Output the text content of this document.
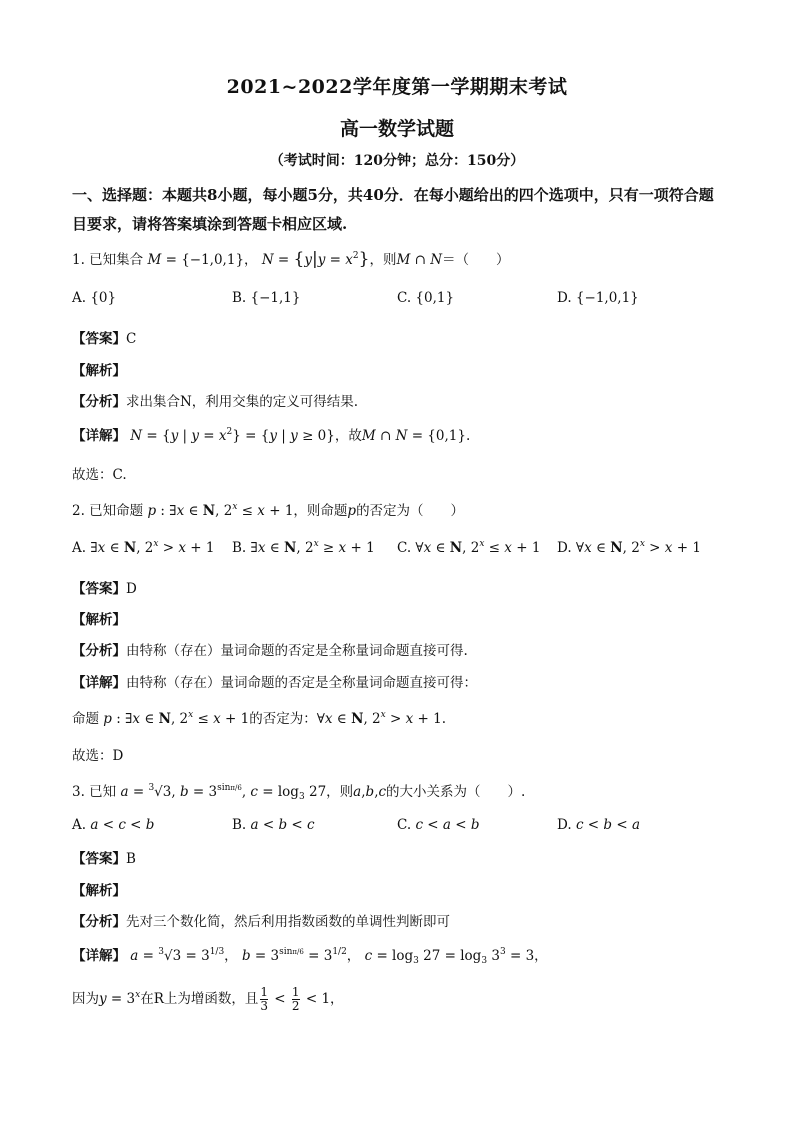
2021~2022学年度第一学期期末考试
高一数学试题
（考试时间：120分钟；总分：150分）
一、选择题：本题共8小题，每小题5分，共40分．在每小题给出的四个选项中，只有一项符合题目要求，请将答案填涂到答题卡相应区域.
1. 已知集合 M = {−1,0,1}， $N = \{y|y = x^2\}$，则M ∩ N＝（　　）
A. {0}	B. {−1,1}	C. {0,1}	D. {−1,0,1}
【答案】C
【解析】
【分析】求出集合N，利用交集的定义可得结果.
【详解】 N = {y | $y = x^2\} = \{y$ | y ≥ 0}，故M ∩ N = {0,1}.
故选：C.
2. 已知命题 p : ∃x ∈ N, $2^x \le x + 1$，则命题p的否定为（　　）
A. ∃x ∈ N, $2^x > x + 1$ B. ∃x ∈ N, $2^x \ge x + 1$ C. ∀x ∈ N, $2^x \le x + 1$ D. ∀x ∈ N, $2^x > x + 1$
【答案】D
【解析】
【分析】由特称（存在）量词命题的否定是全称量词命题直接可得.
【详解】由特称（存在）量词命题的否定是全称量词命题直接可得：
命题 p : ∃x ∈ N, $2^x \le x + 1$的否定为：∀x ∈ N, $2^x > x + 1$.
故选：D
3. 已知 a = $^3$√3, $b = 3^{sin\pi/6}$, $c = \log_3 27$，则a,b,c的大小关系为（　　）.
A. a < c < b	B. a < b < c	C. c < a < b	D. c < b < a
【答案】B
【解析】
【分析】先对三个数化简，然后利用指数函数的单调性判断即可
【详解】 $a = ^3√3 = 3^{1/3}$， $b = 3^{sin\pi/6} = 3^{1/2}$， $c = \log_3 27 = \log_3 3^3 = 3$，
因为$y = 3^x$在R上为增函数，且 $\frac{1}{3} < \frac{1}{2} < 1$，
